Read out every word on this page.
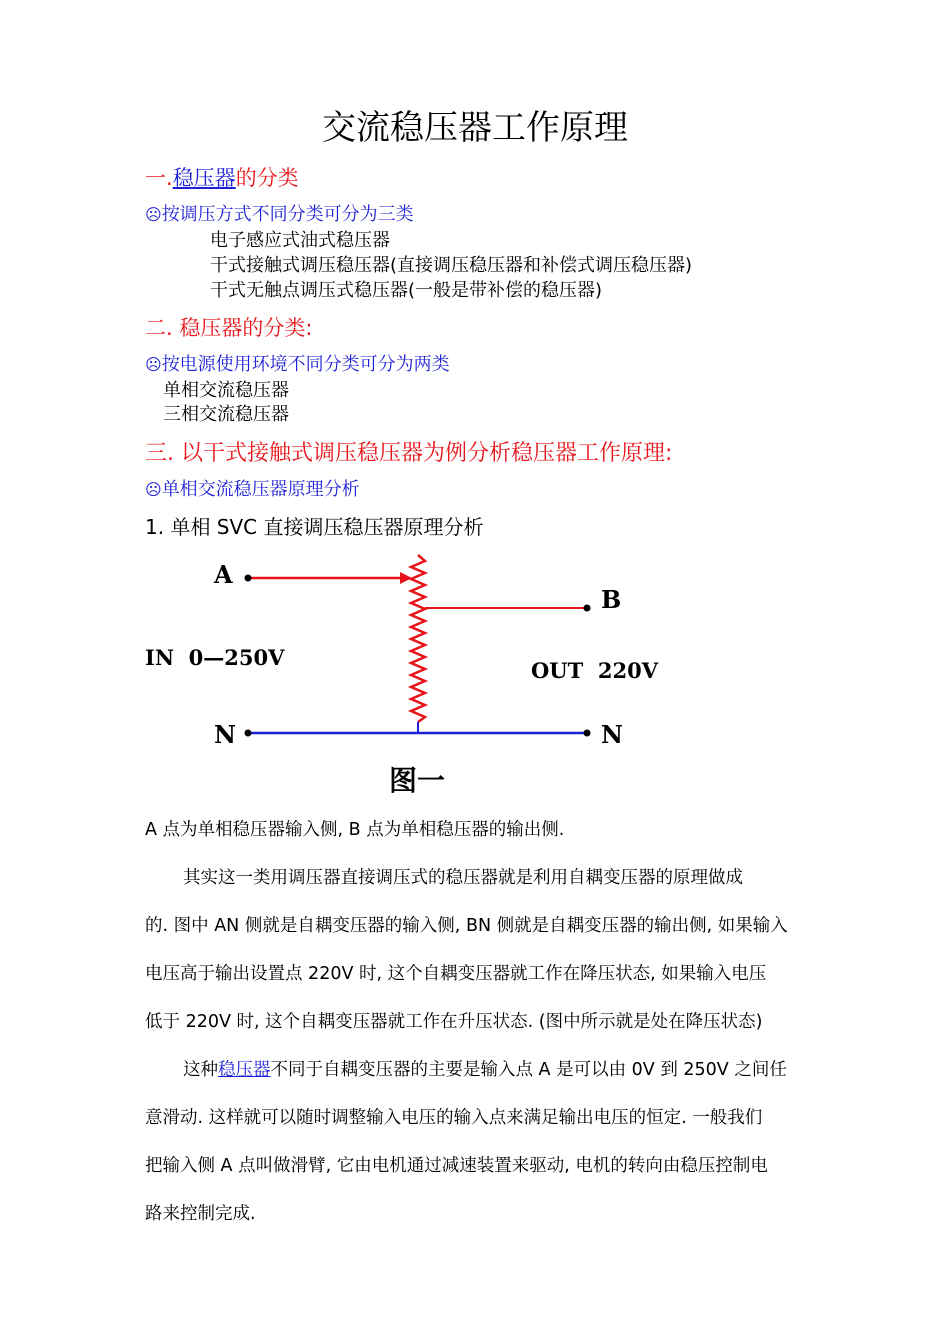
交流稳压器工作原理
一.稳压器的分类
☹按调压方式不同分类可分为三类
电子感应式油式稳压器
干式接触式调压稳压器(直接调压稳压器和补偿式调压稳压器)
干式无触点调压式稳压器(一般是带补偿的稳压器)
二. 稳压器的分类:
☹按电源使用环境不同分类可分为两类
单相交流稳压器
三相交流稳压器
三. 以干式接触式调压稳压器为例分析稳压器工作原理:
☹单相交流稳压器原理分析
1. 单相 SVC 直接调压稳压器原理分析
A
B
N	N
IN  0—250V
OUT  220V
图一
A 点为单相稳压器输入侧, B 点为单相稳压器的输出侧.
其实这一类用调压器直接调压式的稳压器就是利用自耦变压器的原理做成
的. 图中 AN 侧就是自耦变压器的输入侧, BN 侧就是自耦变压器的输出侧, 如果输入
电压高于输出设置点 220V 时, 这个自耦变压器就工作在降压状态, 如果输入电压
低于 220V 时, 这个自耦变压器就工作在升压状态. (图中所示就是处在降压状态)
这种稳压器不同于自耦变压器的主要是输入点 A 是可以由 0V 到 250V 之间任
意滑动. 这样就可以随时调整输入电压的输入点来满足输出电压的恒定. 一般我们
把输入侧 A 点叫做滑臂, 它由电机通过减速装置来驱动, 电机的转向由稳压控制电
路来控制完成.
